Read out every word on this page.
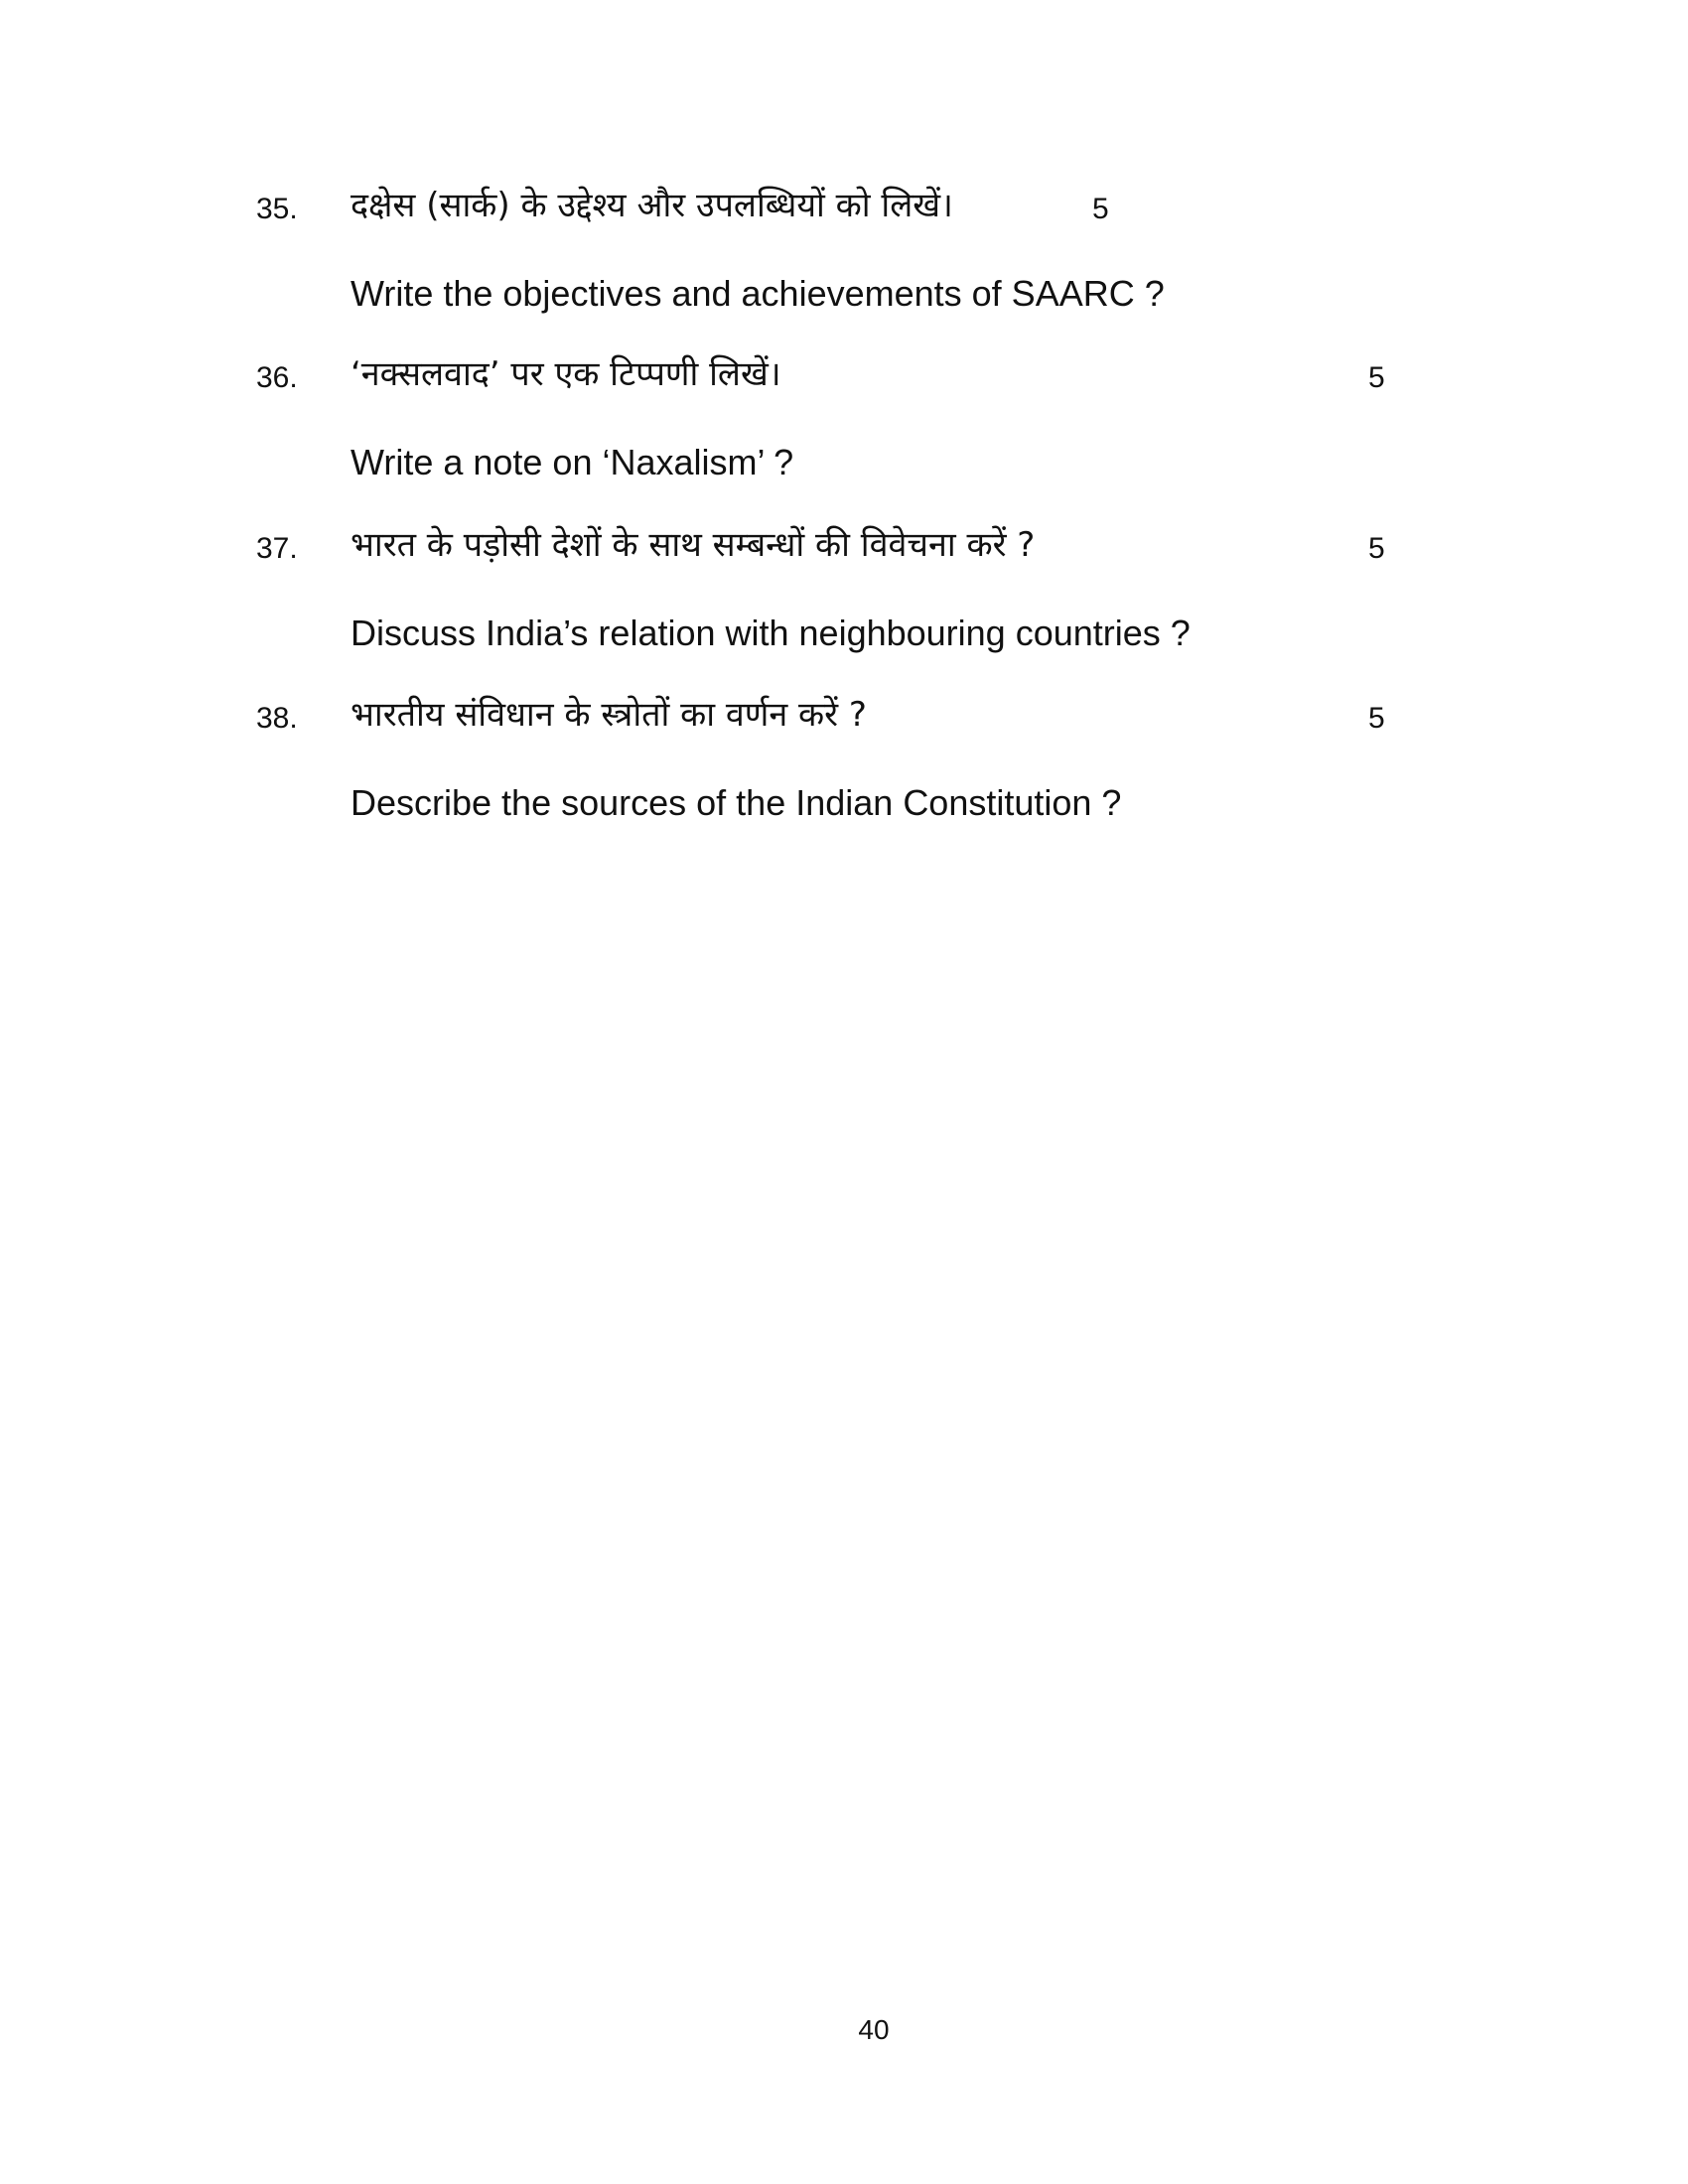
35. दक्षेस (सार्क) के उद्देश्य और उपलब्धियों को लिखें।	5
Write the objectives and achievements of SAARC ?
36. ‘नक्सलवाद’ पर एक टिप्पणी लिखें।	5
Write a note on ‘Naxalism’ ?
37. भारत के पड़ोसी देशों के साथ सम्बन्धों की विवेचना करें ?	5
Discuss India’s relation with neighbouring countries ?
38. भारतीय संविधान के स्त्रोतों का वर्णन करें ?	5
Describe the sources of the Indian Constitution ?
40
